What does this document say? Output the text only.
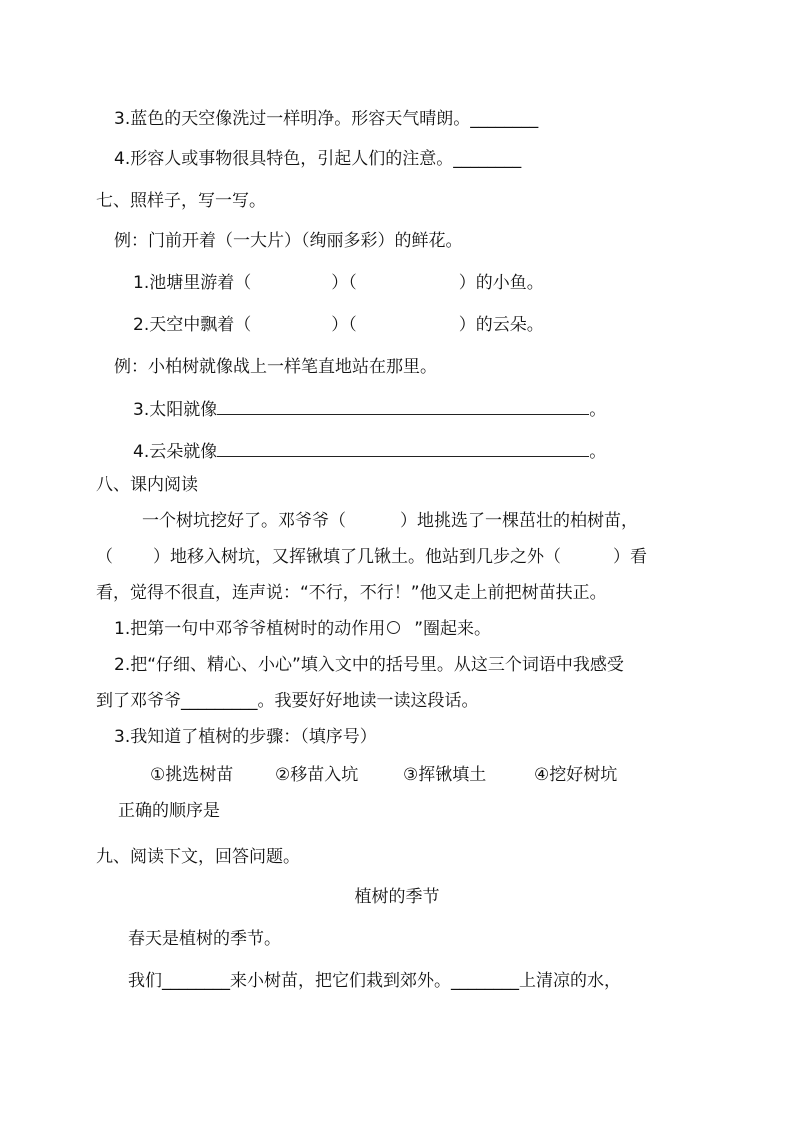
3.蓝色的天空像洗过一样明净。形容天气晴朗。________
4.形容人或事物很具特色，引起人们的注意。________
七、照样子，写一写。
例：门前开着（一大片）（绚丽多彩）的鲜花。
1.池塘里游着（	）（	）的小鱼。
2.天空中飘着（	）（	）的云朵。
例：小柏树就像战上一样笔直地站在那里。
3.太阳就像	。
4.云朵就像	。
八、课内阅读
一个树坑挖好了。邓爷爷（	）地挑选了一棵茁壮的柏树苗，
（ ）地移入树坑，又挥锹填了几锹土。他站到几步之外（	）看
看，觉得不很直，连声说：“不行，不行！”他又走上前把树苗扶正。
1.把第一句中邓爷爷植树时的动作用 ”圈起来。
2.把“仔细、精心、小心”填入文中的括号里。从这三个词语中我感受
到了邓爷爷_________。我要好好地读一读这段话。
3.我知道了植树的步骤：（填序号）
①挑选树苗 ②移苗入坑	③挥锹填土	④挖好树坑
正确的顺序是
九、阅读下文，回答问题。
植树的季节
春天是植树的季节。
我们________来小树苗，把它们栽到郊外。________上清凉的水，
